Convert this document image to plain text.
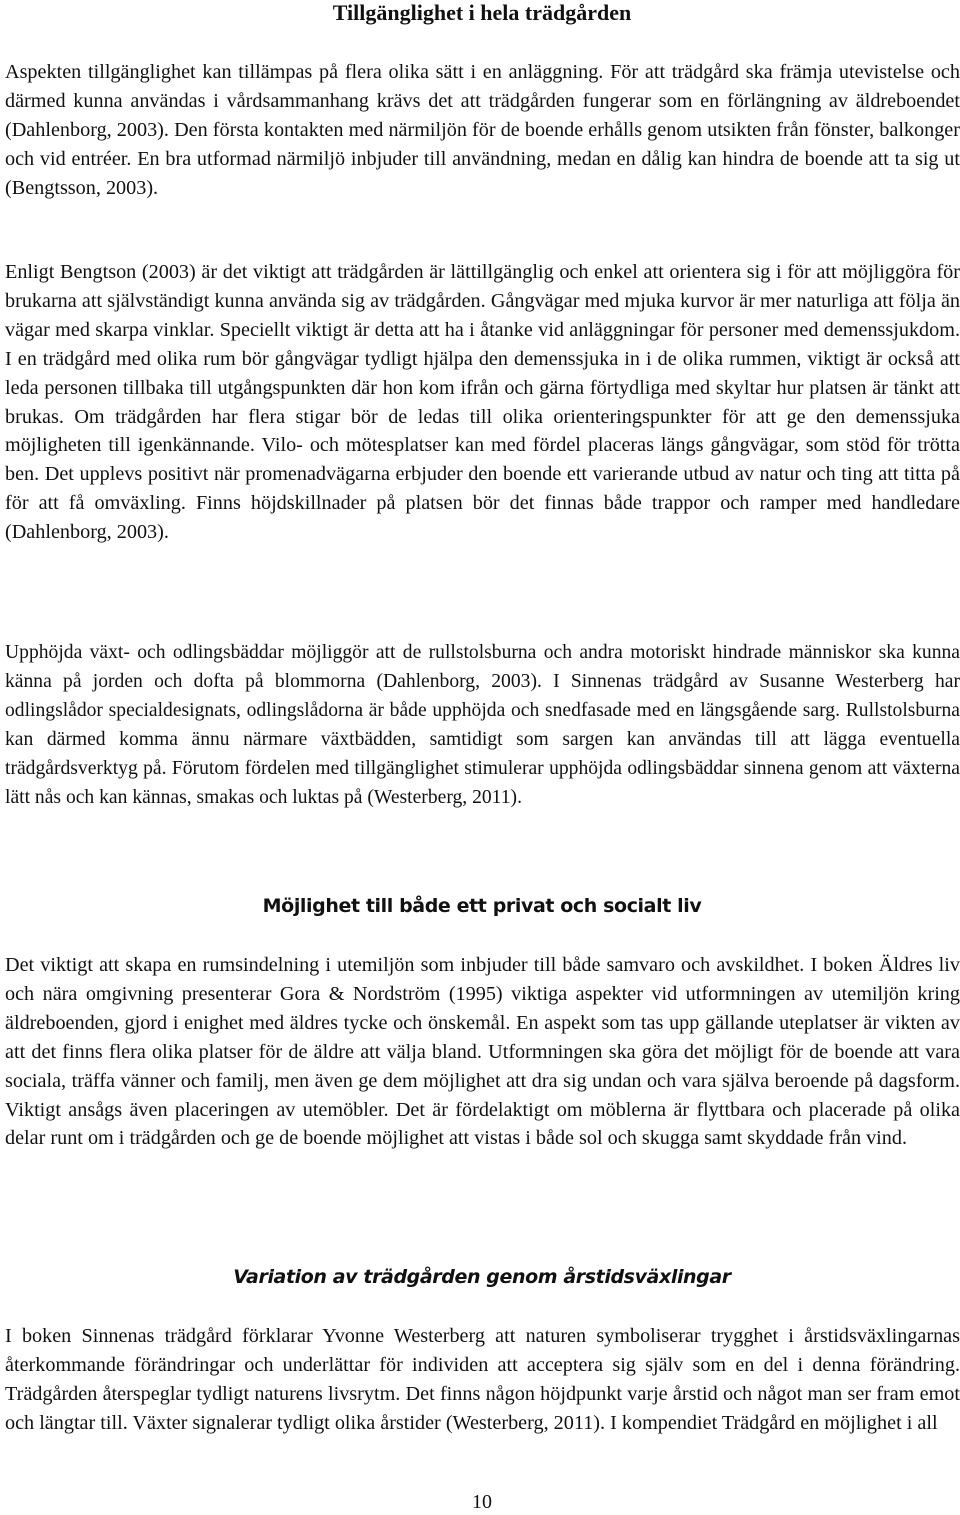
Tillgänglighet i hela trädgården

Aspekten tillgänglighet kan tillämpas på flera olika sätt i en anläggning. För att trädgård ska främja utevistelse och därmed kunna användas i vårdsammanhang krävs det att trädgården fungerar som en förlängning av äldreboendet (Dahlenborg, 2003). Den första kontakten med närmiljön för de boende erhålls genom utsikten från fönster, balkonger och vid entréer. En bra utformad närmiljö inbjuder till användning, medan en dålig kan hindra de boende att ta sig ut (Bengtsson, 2003).

Enligt Bengtson (2003) är det viktigt att trädgården är lättillgänglig och enkel att orientera sig i för att möjliggöra för brukarna att självständigt kunna använda sig av trädgården. Gångvägar med mjuka kurvor är mer naturliga att följa än vägar med skarpa vinklar. Speciellt viktigt är detta att ha i åtanke vid anläggningar för personer med demenssjukdom. I en trädgård med olika rum bör gångvägar tydligt hjälpa den demenssjuka in i de olika rummen, viktigt är också att leda personen tillbaka till utgångspunkten där hon kom ifrån och gärna förtydliga med skyltar hur platsen är tänkt att brukas. Om trädgården har flera stigar bör de ledas till olika orienteringspunkter för att ge den demenssjuka möjligheten till igenkännande. Vilo- och mötesplatser kan med fördel placeras längs gångvägar, som stöd för trötta ben. Det upplevs positivt när promenadvägarna erbjuder den boende ett varierande utbud av natur och ting att titta på för att få omväxling. Finns höjdskillnader på platsen bör det finnas både trappor och ramper med handledare (Dahlenborg, 2003).

Upphöjda växt- och odlingsbäddar möjliggör att de rullstolsburna och andra motoriskt hindrade människor ska kunna känna på jorden och dofta på blommorna (Dahlenborg, 2003). I Sinnenas trädgård av Susanne Westerberg har odlingslådor specialdesignats, odlingslådorna är både upphöjda och snedfasade med en längsgående sarg. Rullstolsburna kan därmed komma ännu närmare växtbädden, samtidigt som sargen kan användas till att lägga eventuella trädgårdsverktyg på. Förutom fördelen med tillgänglighet stimulerar upphöjda odlingsbäddar sinnena genom att växterna lätt nås och kan kännas, smakas och luktas på (Westerberg, 2011).

Möjlighet till både ett privat och socialt liv

Det viktigt att skapa en rumsindelning i utemiljön som inbjuder till både samvaro och avskildhet. I boken Äldres liv och nära omgivning presenterar Gora & Nordström (1995) viktiga aspekter vid utformningen av utemiljön kring äldreboenden, gjord i enighet med äldres tycke och önskemål. En aspekt som tas upp gällande uteplatser är vikten av att det finns flera olika platser för de äldre att välja bland. Utformningen ska göra det möjligt för de boende att vara sociala, träffa vänner och familj, men även ge dem möjlighet att dra sig undan och vara själva beroende på dagsform. Viktigt ansågs även placeringen av utemöbler. Det är fördelaktigt om möblerna är flyttbara och placerade på olika delar runt om i trädgården och ge de boende möjlighet att vistas i både sol och skugga samt skyddade från vind.

Variation av trädgården genom årstidsväxlingar

I boken Sinnenas trädgård förklarar Yvonne Westerberg att naturen symboliserar trygghet i årstidsväxlingarnas återkommande förändringar och underlättar för individen att acceptera sig själv som en del i denna förändring. Trädgården återspeglar tydligt naturens livsrytm. Det finns någon höjdpunkt varje årstid och något man ser fram emot och längtar till. Växter signalerar tydligt olika årstider (Westerberg, 2011). I kompendiet Trädgård en möjlighet i all

10
